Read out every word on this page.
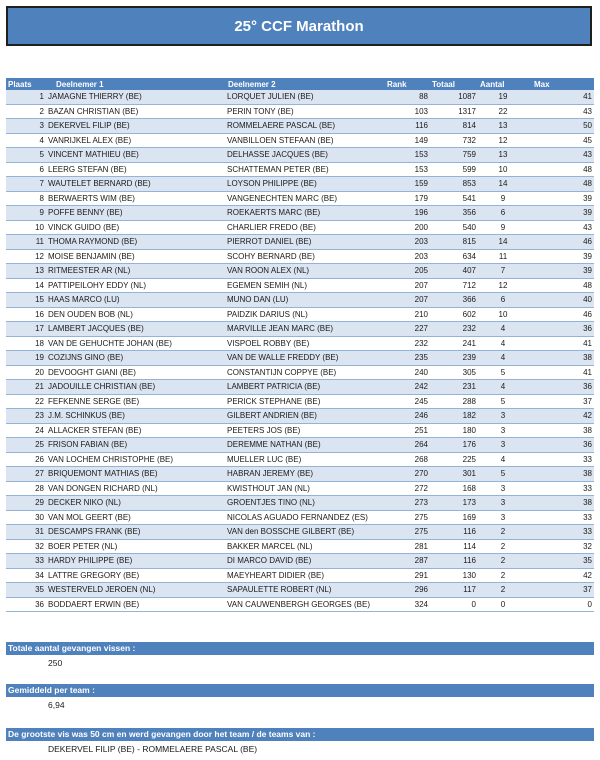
25° CCF Marathon
Plaats	Deelnemer 1	Deelnemer 2	Rank	Totaal	Aantal	Max
1	JAMAGNE THIERRY (BE)	LORQUET JULIEN (BE)	88	1087	19	41
2	BAZAN CHRISTIAN (BE)	PERIN TONY (BE)	103	1317	22	43
3	DEKERVEL FILIP (BE)	ROMMELAERE PASCAL (BE)	116	814	13	50
4	VANRIJKEL ALEX (BE)	VANBILLOEN STEFAAN (BE)	149	732	12	45
5	VINCENT MATHIEU (BE)	DELHASSE JACQUES (BE)	153	759	13	43
6	LEERG STEFAN (BE)	SCHATTEMAN PETER (BE)	153	599	10	48
7	WAUTELET BERNARD (BE)	LOYSON PHILIPPE (BE)	159	853	14	48
8	BERWAERTS WIM (BE)	VANGENECHTEN MARC (BE)	179	541	9	39
9	POFFE BENNY (BE)	ROEKAERTS MARC (BE)	196	356	6	39
10	VINCK GUIDO (BE)	CHARLIER FREDO (BE)	200	540	9	43
11	THOMA RAYMOND (BE)	PIERROT DANIEL (BE)	203	815	14	46
12	MOISE BENJAMIN (BE)	SCOHY BERNARD (BE)	203	634	11	39
13	RITMEESTER AR (NL)	VAN ROON ALEX (NL)	205	407	7	39
14	PATTIPEILOHY EDDY (NL)	EGEMEN SEMIH (NL)	207	712	12	48
15	HAAS MARCO (LU)	MUNO DAN (LU)	207	366	6	40
16	DEN OUDEN BOB (NL)	PAIDZIK DARIUS (NL)	210	602	10	46
17	LAMBERT JACQUES (BE)	MARVILLE JEAN MARC (BE)	227	232	4	36
18	VAN DE GEHUCHTE JOHAN (BE)	VISPOEL ROBBY (BE)	232	241	4	41
19	COZIJNS GINO (BE)	VAN DE WALLE FREDDY (BE)	235	239	4	38
20	DEVOOGHT GIANI (BE)	CONSTANTIJN COPPYE (BE)	240	305	5	41
21	JADOUILLE CHRISTIAN (BE)	LAMBERT PATRICIA (BE)	242	231	4	36
22	FEFKENNE SERGE (BE)	PERICK STEPHANE (BE)	245	288	5	37
23	J.M. SCHINKUS (BE)	GILBERT ANDRIEN (BE)	246	182	3	42
24	ALLACKER STEFAN (BE)	PEETERS JOS (BE)	251	180	3	38
25	FRISON FABIAN (BE)	DEREMME NATHAN (BE)	264	176	3	36
26	VAN LOCHEM CHRISTOPHE (BE)	MUELLER LUC (BE)	268	225	4	33
27	BRIQUEMONT MATHIAS (BE)	HABRAN JEREMY (BE)	270	301	5	38
28	VAN DONGEN RICHARD (NL)	KWISTHOUT JAN (NL)	272	168	3	33
29	DECKER NIKO (NL)	GROENTJES TINO (NL)	273	173	3	38
30	VAN MOL GEERT (BE)	NICOLAS AGUADO FERNANDEZ (ES)	275	169	3	33
31	DESCAMPS FRANK (BE)	VAN den BOSSCHE GILBERT (BE)	275	116	2	33
32	BOER PETER (NL)	BAKKER MARCEL (NL)	281	114	2	32
33	HARDY PHILIPPE (BE)	DI MARCO DAVID (BE)	287	116	2	35
34	LATTRE GREGORY (BE)	MAEYHEART DIDIER (BE)	291	130	2	42
35	WESTERVELD JEROEN (NL)	SAPAULETTE ROBERT (NL)	296	117	2	37
36	BODDAERT ERWIN (BE)	VAN CAUWENBERGH GEORGES (BE)	324	0	0	0
Totale aantal gevangen vissen :
250
Gemiddeld per team :
6,94
De grootste vis was 50 cm en werd gevangen door het team / de teams van :
DEKERVEL FILIP (BE) - ROMMELAERE PASCAL (BE)
